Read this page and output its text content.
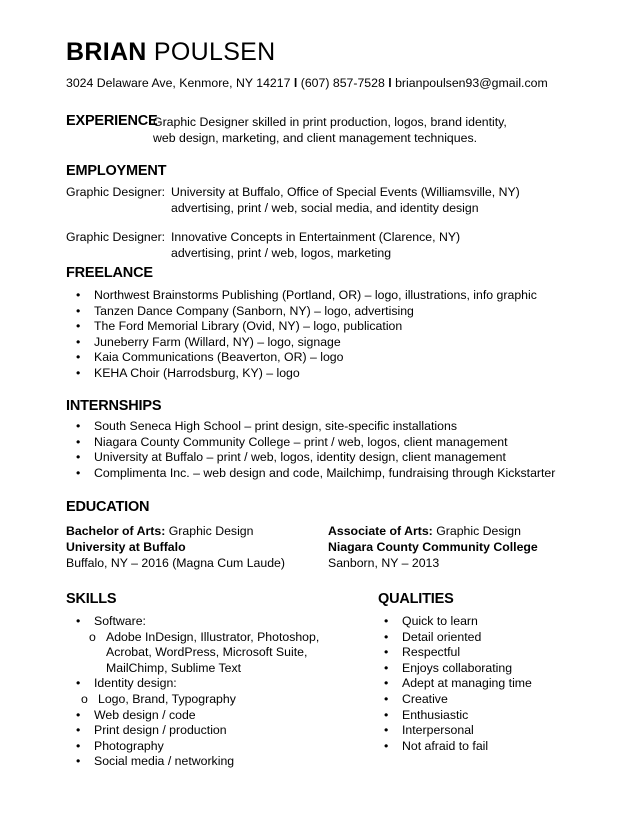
BRIAN POULSEN
3024 Delaware Ave, Kenmore, NY 14217 l (607) 857-7528 l brianpoulsen93@gmail.com
EXPERIENCE
Graphic Designer skilled in print production, logos, brand identity,
web design, marketing, and client management techniques.
EMPLOYMENT
Graphic Designer: University at Buffalo, Office of Special Events (Williamsville, NY)
advertising, print / web, social media, and identity design
Graphic Designer: Innovative Concepts in Entertainment (Clarence, NY)
advertising, print / web, logos, marketing
FREELANCE
• Northwest Brainstorms Publishing (Portland, OR) – logo, illustrations, info graphic
• Tanzen Dance Company (Sanborn, NY) – logo, advertising
• The Ford Memorial Library (Ovid, NY) – logo, publication
• Juneberry Farm (Willard, NY) – logo, signage
• Kaia Communications (Beaverton, OR) – logo
• KEHA Choir (Harrodsburg, KY) – logo
INTERNSHIPS
• South Seneca High School – print design, site-specific installations
• Niagara County Community College – print / web, logos, client management
• University at Buffalo – print / web, logos, identity design, client management
• Complimenta Inc. – web design and code, Mailchimp, fundraising through Kickstarter
EDUCATION
Bachelor of Arts: Graphic Design
University at Buffalo
Buffalo, NY – 2016 (Magna Cum Laude)
Associate of Arts: Graphic Design
Niagara County Community College
Sanborn, NY – 2013
SKILLS
• Software:
o Adobe InDesign, Illustrator, Photoshop,
Acrobat, WordPress, Microsoft Suite,
MailChimp, Sublime Text
• Identity design:
o Logo, Brand, Typography
• Web design / code
• Print design / production
• Photography
• Social media / networking
QUALITIES
• Quick to learn
• Detail oriented
• Respectful
• Enjoys collaborating
• Adept at managing time
• Creative
• Enthusiastic
• Interpersonal
• Not afraid to fail
